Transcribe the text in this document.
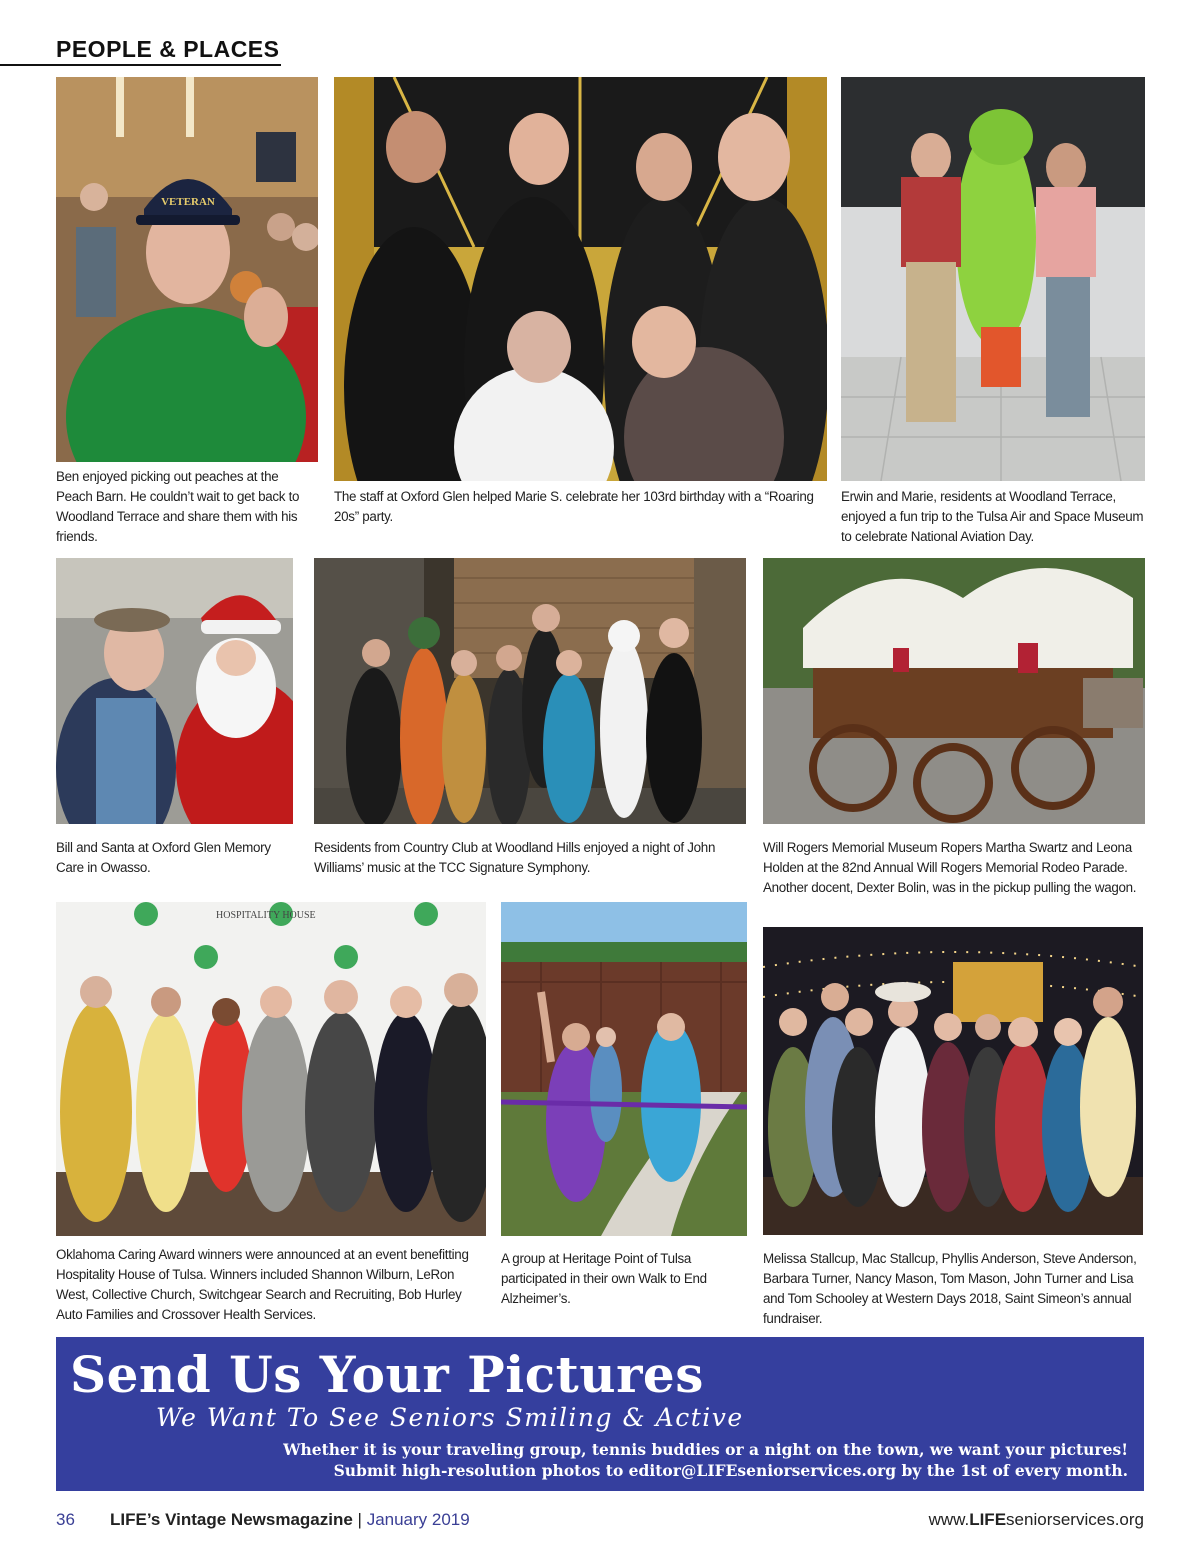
PEOPLE & PLACES
VETERAN
Ben enjoyed picking out peaches at the Peach Barn. He couldn’t wait to get back to Woodland Terrace and share them with his friends.
The staff at Oxford Glen helped Marie S. celebrate her 103rd birthday with a “Roaring 20s” party.
Erwin and Marie, residents at Woodland Terrace, enjoyed a fun trip to the Tulsa Air and Space Museum to celebrate National Aviation Day.
Bill and Santa at Oxford Glen Memory Care in Owasso.
Residents from Country Club at Woodland Hills enjoyed a night of John Williams’ music at the TCC Signature Symphony.
Will Rogers Memorial Museum Ropers Martha Swartz and Leona Holden at the 82nd Annual Will Rogers Memorial Rodeo Parade. Another docent, Dexter Bolin, was in the pickup pulling the wagon.
HOSPITALITY HOUSE
Oklahoma Caring Award winners were announced at an event benefitting Hospitality House of Tulsa. Winners included Shannon Wilburn, LeRon West, Collective Church, Switchgear Search and Recruiting, Bob Hurley Auto Families and Crossover Health Services.
A group at Heritage Point of Tulsa participated in their own Walk to End Alzheimer’s.
Melissa Stallcup, Mac Stallcup, Phyllis Anderson, Steve Anderson, Barbara Turner, Nancy Mason, Tom Mason, John Turner and Lisa and Tom Schooley at Western Days 2018, Saint Simeon’s annual fundraiser.
Send Us Your Pictures
We Want To See Seniors Smiling & Active
Whether it is your traveling group, tennis buddies or a night on the town, we want your pictures!
Submit high-resolution photos to editor@LIFEseniorservices.org by the 1st of every month.
36 LIFE’s Vintage Newsmagazine | January 2019	www.LIFEseniorservices.org
